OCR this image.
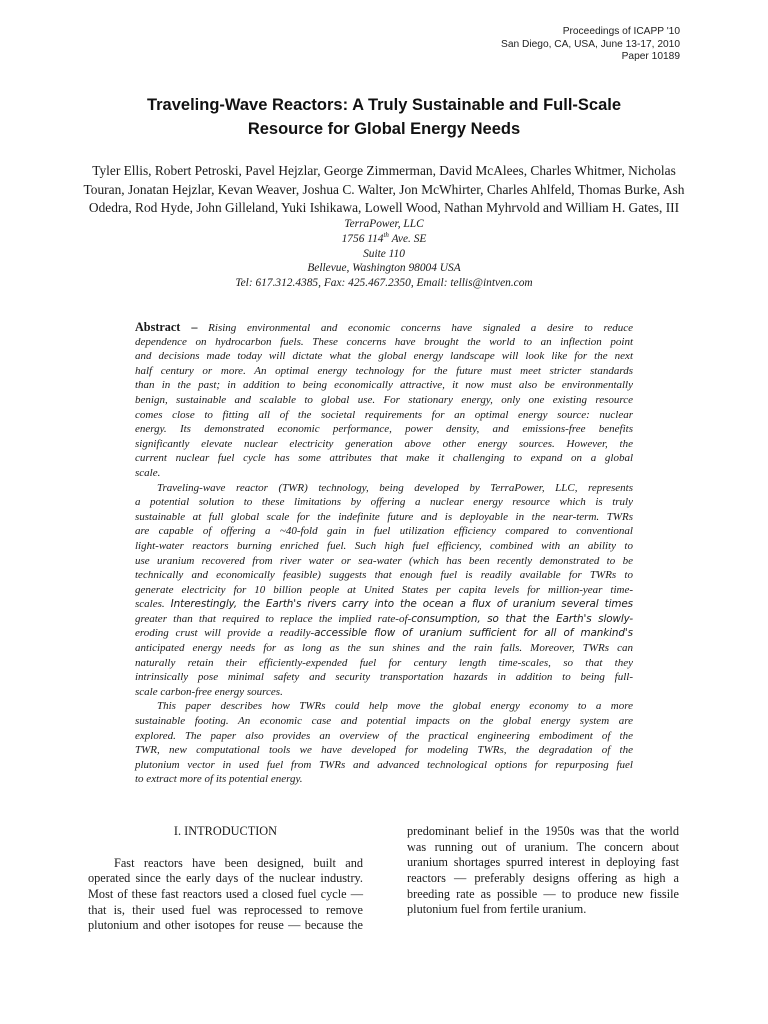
Proceedings of ICAPP '10
San Diego, CA, USA, June 13-17, 2010
Paper 10189
Traveling-Wave Reactors: A Truly Sustainable and Full-Scale
Resource for Global Energy Needs
Tyler Ellis, Robert Petroski, Pavel Hejzlar, George Zimmerman, David McAlees, Charles Whitmer, Nicholas
Touran, Jonatan Hejzlar, Kevan Weaver, Joshua C. Walter, Jon McWhirter, Charles Ahlfeld, Thomas Burke, Ash
Odedra, Rod Hyde, John Gilleland, Yuki Ishikawa, Lowell Wood, Nathan Myhrvold and William H. Gates, III
TerraPower, LLC
1756 114th Ave. SE
Suite 110
Bellevue, Washington 98004 USA
Tel: 617.312.4385, Fax: 425.467.2350, Email: tellis@intven.com
Abstract – Rising environmental and economic concerns have signaled a desire to reduce
dependence on hydrocarbon fuels. These concerns have brought the world to an inflection point
and decisions made today will dictate what the global energy landscape will look like for the next
half century or more. An optimal energy technology for the future must meet stricter standards
than in the past; in addition to being economically attractive, it now must also be environmentally
benign, sustainable and scalable to global use. For stationary energy, only one existing resource
comes close to fitting all of the societal requirements for an optimal energy source: nuclear
energy. Its demonstrated economic performance, power density, and emissions-free benefits
significantly elevate nuclear electricity generation above other energy sources. However, the
current nuclear fuel cycle has some attributes that make it challenging to expand on a global
scale.
Traveling-wave reactor (TWR) technology, being developed by TerraPower, LLC, represents
a potential solution to these limitations by offering a nuclear energy resource which is truly
sustainable at full global scale for the indefinite future and is deployable in the near-term. TWRs
are capable of offering a ~40-fold gain in fuel utilization efficiency compared to conventional
light-water reactors burning enriched fuel. Such high fuel efficiency, combined with an ability to
use uranium recovered from river water or sea-water (which has been recently demonstrated to be
technically and economically feasible) suggests that enough fuel is readily available for TWRs to
generate electricity for 10 billion people at United States per capita levels for million-year time-
scales. Interestingly, the Earth's rivers carry into the ocean a flux of uranium several times
greater than that required to replace the implied rate-of-consumption, so that the Earth's slowly-
eroding crust will provide a readily-accessible flow of uranium sufficient for all of mankind's
anticipated energy needs for as long as the sun shines and the rain falls. Moreover, TWRs can
naturally retain their efficiently-expended fuel for century length time-scales, so that they
intrinsically pose minimal safety and security transportation hazards in addition to being full-
scale carbon-free energy sources.
This paper describes how TWRs could help move the global energy economy to a more
sustainable footing. An economic case and potential impacts on the global energy system are
explored. The paper also provides an overview of the practical engineering embodiment of the
TWR, new computational tools we have developed for modeling TWRs, the degradation of the
plutonium vector in used fuel from TWRs and advanced technological options for repurposing fuel
to extract more of its potential energy.
I. INTRODUCTION
Fast reactors have been designed, built and
operated since the early days of the nuclear industry.
Most of these fast reactors used a closed fuel cycle —
that is, their used fuel was reprocessed to remove
plutonium and other isotopes for reuse — because the
predominant belief in the 1950s was that the world
was running out of uranium. The concern about
uranium shortages spurred interest in deploying fast
reactors — preferably designs offering as high a
breeding rate as possible — to produce new fissile
plutonium fuel from fertile uranium.
